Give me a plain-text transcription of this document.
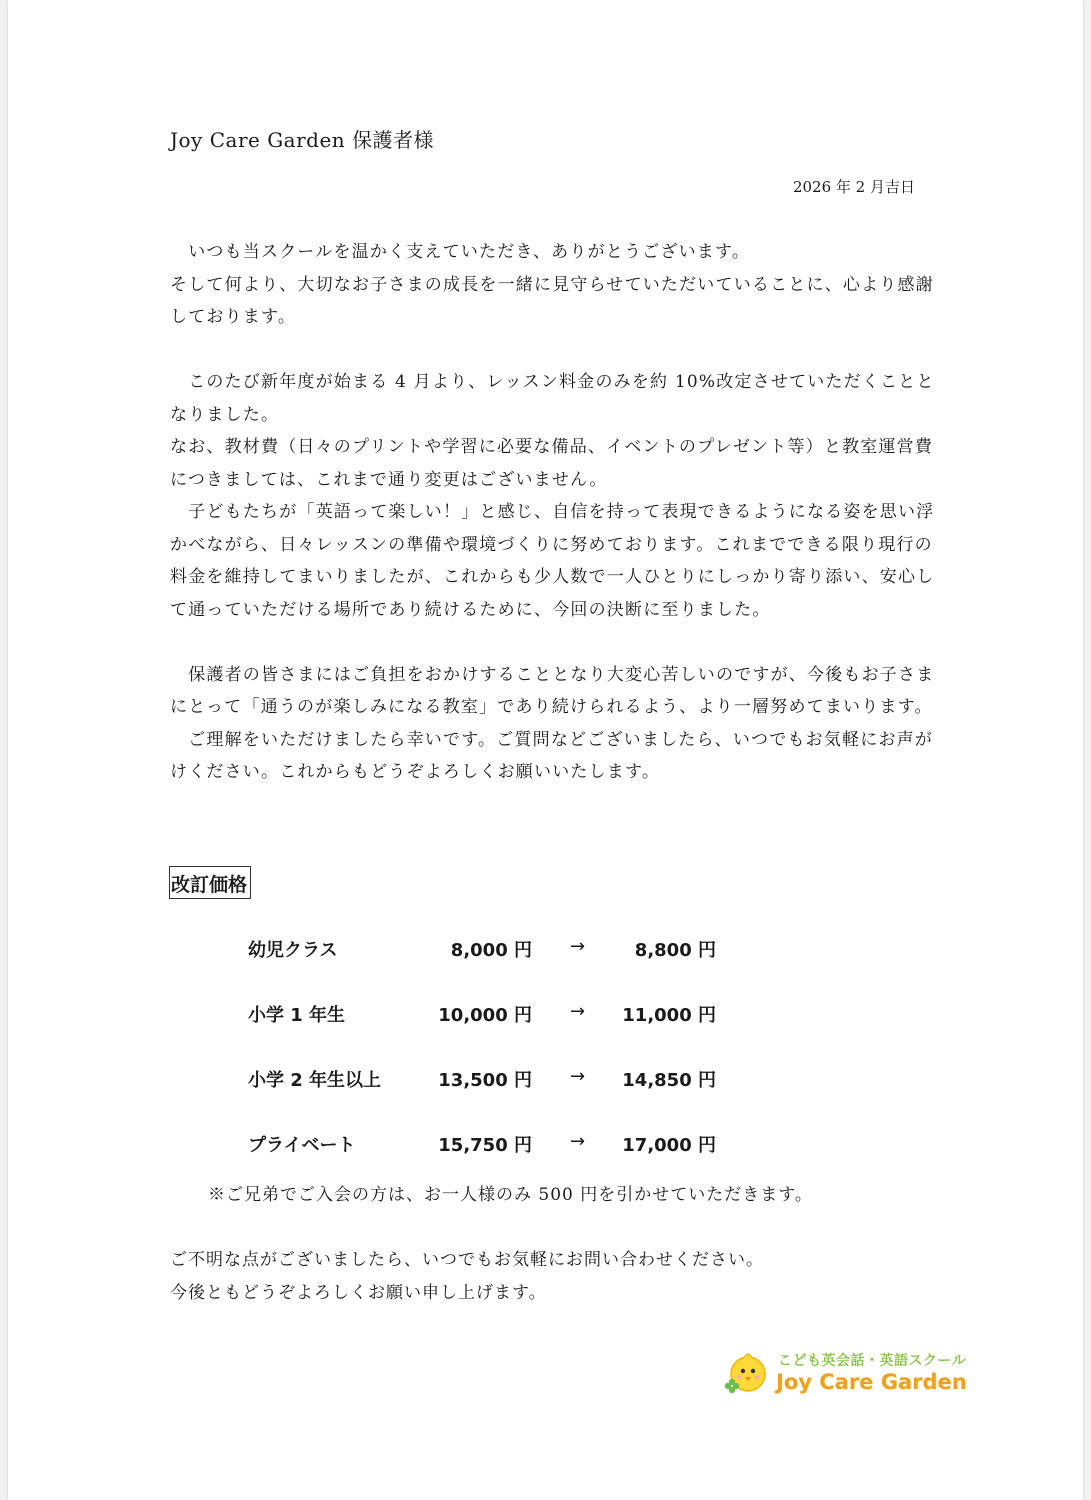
Joy Care Garden 保護者様
2026 年 2 月吉日

　いつも当スクールを温かく支えていただき、ありがとうございます。

そして何より、大切なお子さまの成長を一緒に見守らせていただいていることに、心より感謝しております。

　このたび新年度が始まる 4 月より、レッスン料金のみを約 10%改定させていただくこととなりました。

なお、教材費（日々のプリントや学習に必要な備品、イベントのプレゼント等）と教室運営費につきましては、これまで通り変更はございません。

　子どもたちが「英語って楽しい！」と感じ、自信を持って表現できるようになる姿を思い浮かべながら、日々レッスンの準備や環境づくりに努めております。これまでできる限り現行の料金を維持してまいりましたが、これからも少人数で一人ひとりにしっかり寄り添い、安心して通っていただける場所であり続けるために、今回の決断に至りました。

　保護者の皆さまにはご負担をおかけすることとなり大変心苦しいのですが、今後もお子さまにとって「通うのが楽しみになる教室」であり続けられるよう、より一層努めてまいります。

　ご理解をいただけましたら幸いです。ご質問などございましたら、いつでもお気軽にお声がけください。これからもどうぞよろしくお願いいたします。

改訂価格
幼児クラス	8,000 円 →	8,800 円
小学 1 年生	10,000 円 → 11,000 円
小学 2 年生以上	13,500 円 → 14,850 円
プライベート	15,750 円 → 17,000 円
※ご兄弟でご入会の方は、お一人様のみ 500 円を引かせていただきます。

ご不明な点がございましたら、いつでもお気軽にお問い合わせください。

今後ともどうぞよろしくお願い申し上げます。

こども英会話・英語スクール
Joy Care Garden
